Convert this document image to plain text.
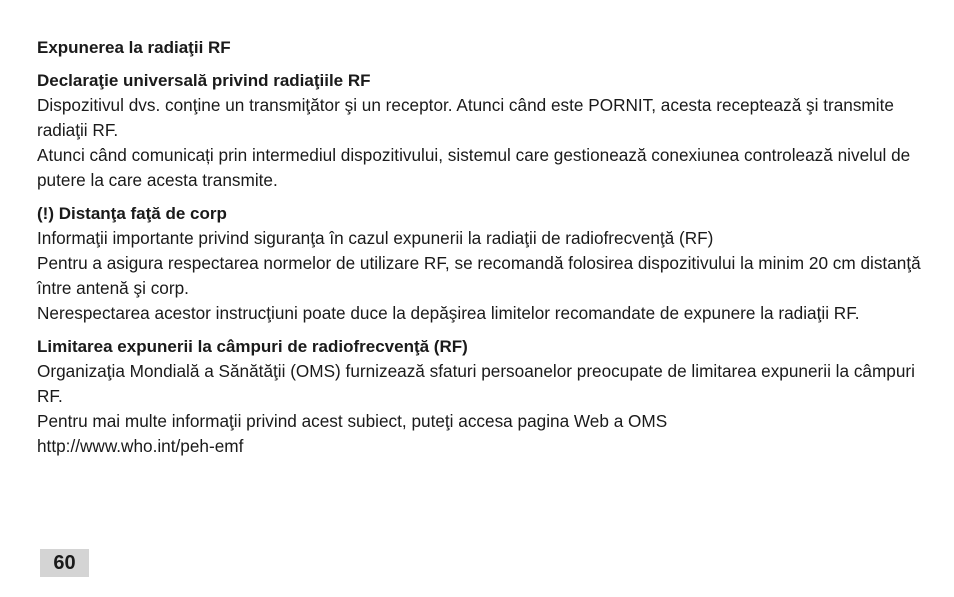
Expunerea la radiaţii RF
Declaraţie universală privind radiaţiile RF

Dispozitivul dvs. conţine un transmiţător şi un receptor. Atunci când este PORNIT, acesta recepteazǎ şi transmite radiaţii RF.

Atunci când comunicați prin intermediul dispozitivului, sistemul care gestionează conexiunea controlează nivelul de putere la care acesta transmite.

(!) Distanţa faţă de corp

Informaţii importante privind siguranţa în cazul expunerii la radiaţii de radiofrecvenţă (RF)

Pentru a asigura respectarea normelor de utilizare RF, se recomandă folosirea dispozitivului la minim 20 cm distanţă între antenă şi corp.

Nerespectarea acestor instrucţiuni poate duce la depăşirea limitelor recomandate de expunere la radiaţii RF.

Limitarea expunerii la câmpuri de radiofrecvenţă (RF)

Organizaţia Mondială a Sănătăţii (OMS) furnizează sfaturi persoanelor preocupate de limitarea expunerii la câmpuri RF.

Pentru mai multe informaţii privind acest subiect, puteţi accesa pagina Web a OMS

http://www.who.int/peh-emf

60
